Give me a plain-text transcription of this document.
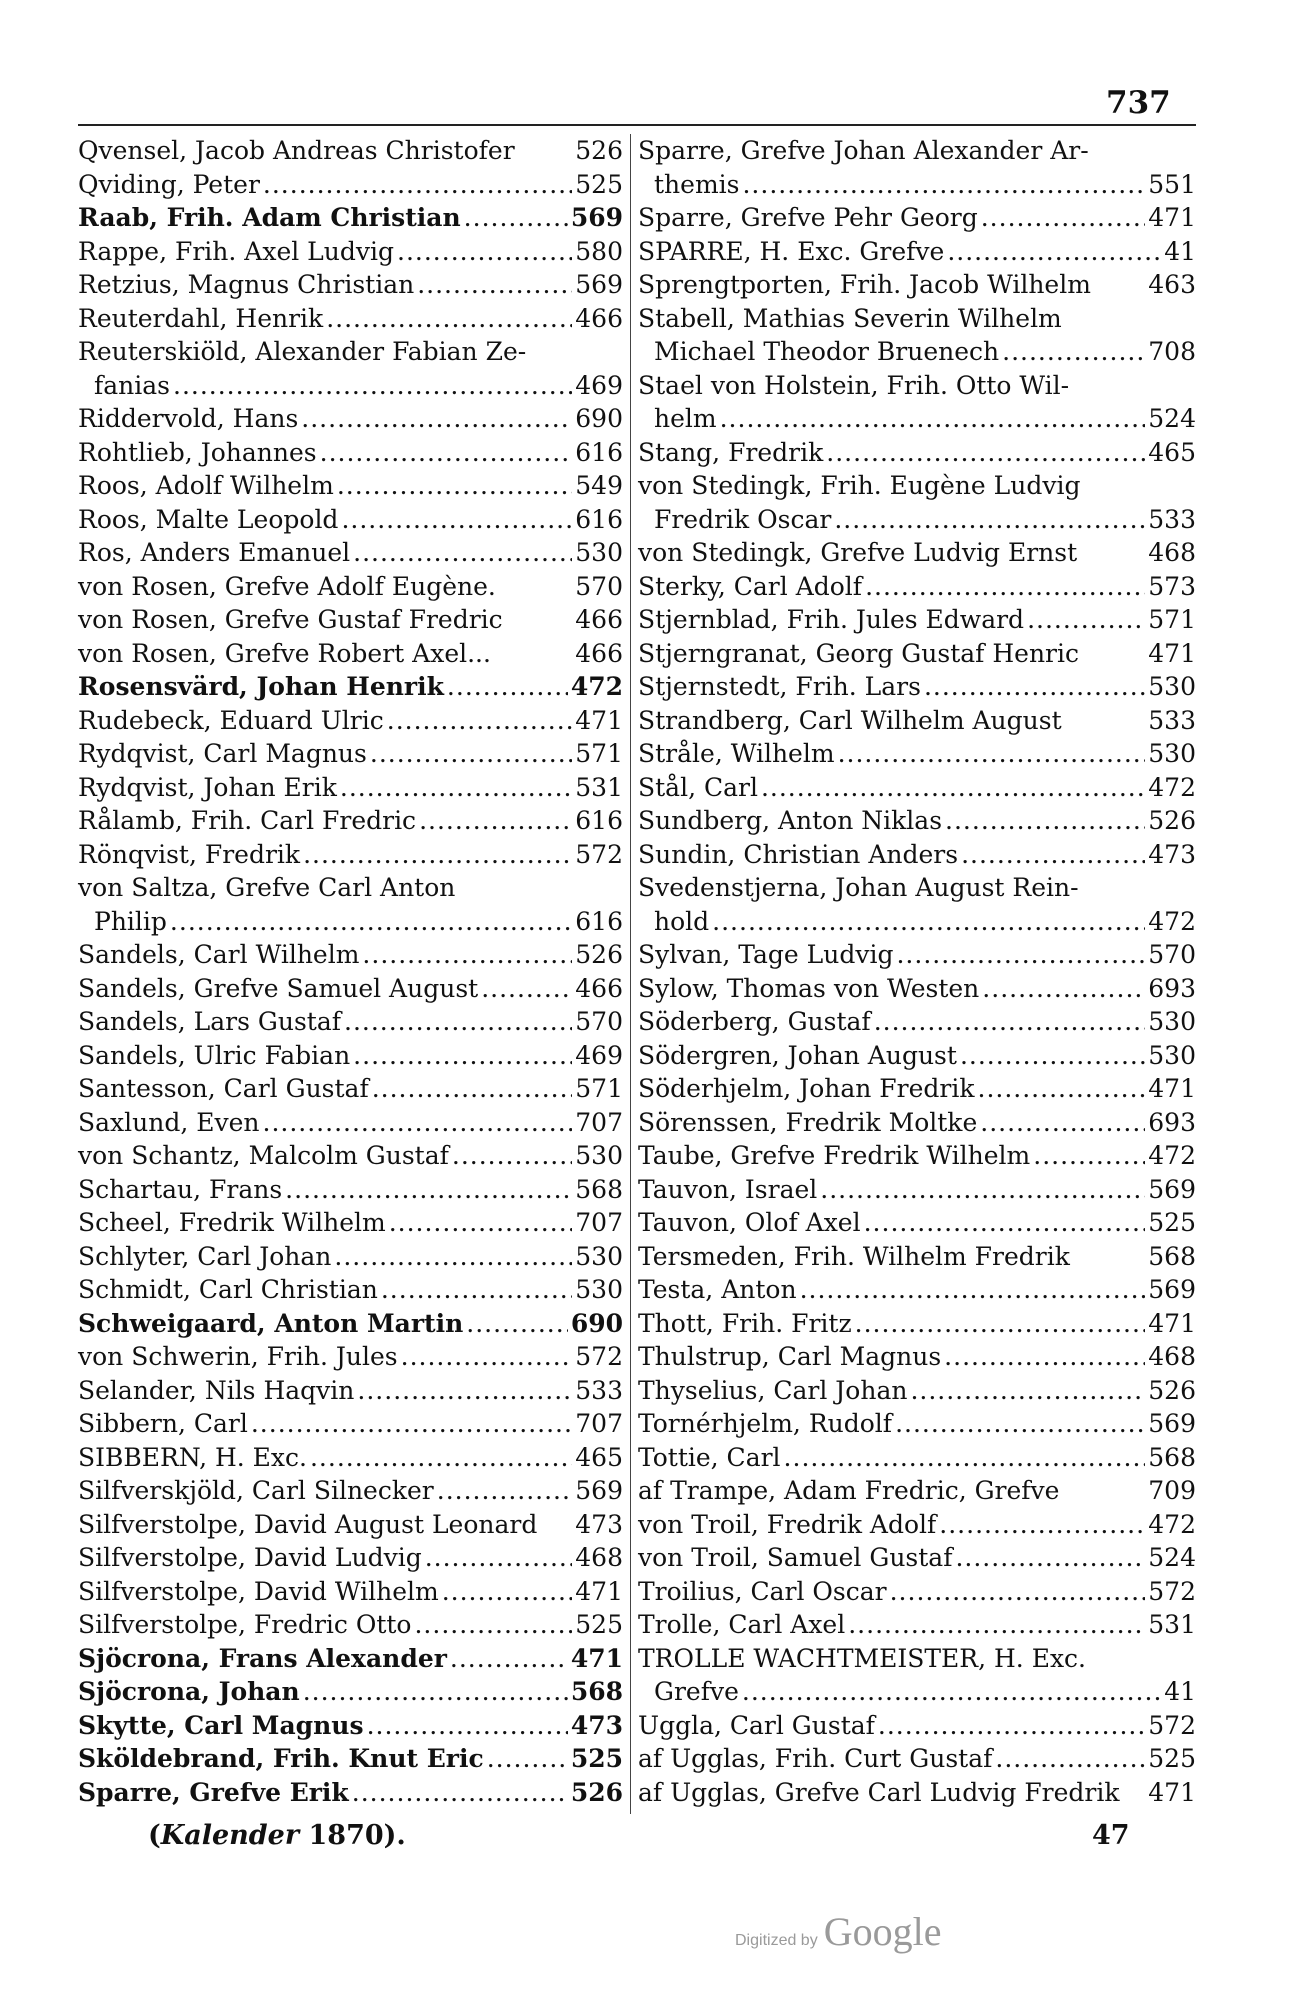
737
Qvensel, Jacob Andreas Christofer 526
Qviding, Peter .....	525
Raab, Frih. Adam Christian .....	569
Rappe, Frih. Axel Ludvig .....	580
Retzius, Magnus Christian .....	569
Reuterdahl, Henrik .....	466
Reuterskiöld, Alexander Fabian Ze-
fanias .....	469
Riddervold, Hans .....	690
Rohtlieb, Johannes .....	616
Roos, Adolf Wilhelm .....	549
Roos, Malte Leopold .....	616
Ros, Anders Emanuel .....	530
von Rosen, Grefve Adolf Eugène.	570
von Rosen, Grefve Gustaf Fredric	466
von Rosen, Grefve Robert Axel...	466
Rosensvärd, Johan Henrik .....	472
Rudebeck, Eduard Ulric .....	471
Rydqvist, Carl Magnus .....	571
Rydqvist, Johan Erik .....	531
Rålamb, Frih. Carl Fredric .....	616
Rönqvist, Fredrik .....	572
von Saltza, Grefve Carl Anton
Philip .....	616
Sandels, Carl Wilhelm .....	526
Sandels, Grefve Samuel August .....	466
Sandels, Lars Gustaf .....	570
Sandels, Ulric Fabian .....	469
Santesson, Carl Gustaf .....	571
Saxlund, Even .....	707
von Schantz, Malcolm Gustaf .....	530
Schartau, Frans .....	568
Scheel, Fredrik Wilhelm .....	707
Schlyter, Carl Johan .....	530
Schmidt, Carl Christian .....	530
Schweigaard, Anton Martin .....	690
von Schwerin, Frih. Jules .....	572
Selander, Nils Haqvin .....	533
Sibbern, Carl .....	707
SIBBERN, H. Exc. .....	465
Silfverskjöld, Carl Silnecker .....	569
Silfverstolpe, David August Leonard 473
Silfverstolpe, David Ludvig .....	468
Silfverstolpe, David Wilhelm .....	471
Silfverstolpe, Fredric Otto .....	525
Sjöcrona, Frans Alexander .....	471
Sjöcrona, Johan .....	568
Skytte, Carl Magnus .....	473
Sköldebrand, Frih. Knut Eric .....	525
Sparre, Grefve Erik .....	526
Sparre, Grefve Johan Alexander Ar-
themis .....	551
Sparre, Grefve Pehr Georg .....	471
SPARRE, H. Exc. Grefve .....	41
Sprengtporten, Frih. Jacob Wilhelm 463
Stabell, Mathias Severin Wilhelm
Michael Theodor Bruenech .....	708
Stael von Holstein, Frih. Otto Wil-
helm .....	524
Stang, Fredrik .....	465
von Stedingk, Frih. Eugène Ludvig
Fredrik Oscar .....	533
von Stedingk, Grefve Ludvig Ernst	468
Sterky, Carl Adolf .....	573
Stjernblad, Frih. Jules Edward .....	571
Stjerngranat, Georg Gustaf Henric	471
Stjernstedt, Frih. Lars .....	530
Strandberg, Carl Wilhelm August	533
Stråle, Wilhelm .....	530
Stål, Carl .....	472
Sundberg, Anton Niklas .....	526
Sundin, Christian Anders .....	473
Svedenstjerna, Johan August Rein-
hold .....	472
Sylvan, Tage Ludvig .....	570
Sylow, Thomas von Westen .....	693
Söderberg, Gustaf .....	530
Södergren, Johan August .....	530
Söderhjelm, Johan Fredrik .....	471
Sörenssen, Fredrik Moltke .....	693
Taube, Grefve Fredrik Wilhelm .....	472
Tauvon, Israel .....	569
Tauvon, Olof Axel .....	525
Tersmeden, Frih. Wilhelm Fredrik	568
Testa, Anton .....	569
Thott, Frih. Fritz .....	471
Thulstrup, Carl Magnus .....	468
Thyselius, Carl Johan .....	526
Tornérhjelm, Rudolf .....	569
Tottie, Carl .....	568
af Trampe, Adam Fredric, Grefve	709
von Troil, Fredrik Adolf .....	472
von Troil, Samuel Gustaf .....	524
Troilius, Carl Oscar .....	572
Trolle, Carl Axel .....	531
TROLLE WACHTMEISTER, H. Exc.
Grefve .....	41
Uggla, Carl Gustaf .....	572
af Ugglas, Frih. Curt Gustaf .....	525
af Ugglas, Grefve Carl Ludvig Fredrik 471
(Kalender 1870).	47
Digitized by Google
